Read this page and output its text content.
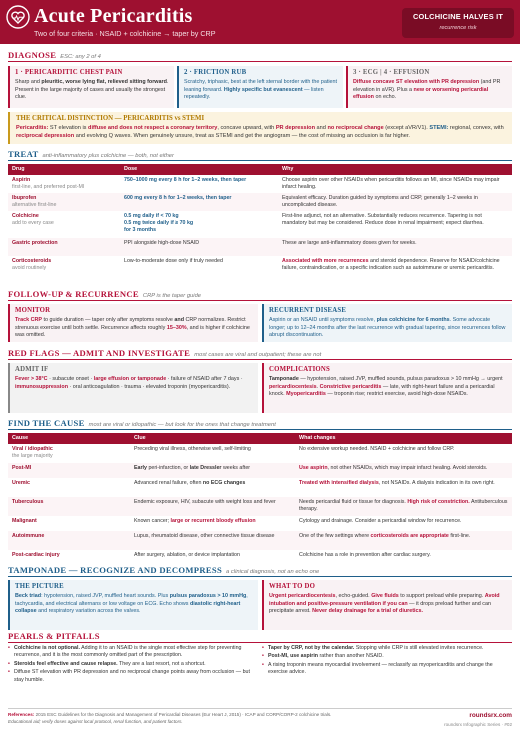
Acute Pericarditis
Two of four criteria · NSAID + colchicine → taper by CRP
COLCHICINE HALVES IT
recurrence risk
DIAGNOSE ESC: any 2 of 4
1 · PERICARDITIC CHEST PAIN
Sharp and pleuritic, worse lying flat, relieved sitting forward. Present in the large majority of cases and usually the strongest clue.
2 · FRICTION RUB
Scratchy, triphasic, best at the left sternal border with the patient leaning forward. Highly specific but evanescent — listen repeatedly.
3 · ECG | 4 · EFFUSION
Diffuse concave ST elevation with PR depression (and PR elevation in aVR). Plus a new or worsening pericardial effusion on echo.
THE CRITICAL DISTINCTION — PERICARDITIS vs STEMI
Pericarditis: ST elevation is diffuse and does not respect a coronary territory, concave upward, with PR depression and no reciprocal change (except aVR/V1). STEMI: regional, convex, with reciprocal depression and evolving Q waves. When genuinely unsure, treat as STEMI and get the angiogram — the cost of missing an occlusion is far higher.
TREAT anti-inflammatory plus colchicine — both, not either
Drug	Dose	Why

Aspirin
first-line, and preferred post-MI	750–1000 mg every 8 h for 1–2 weeks, then taper	Choose aspirin over other NSAIDs when pericarditis follows an MI, since NSAIDs may impair infarct healing.

Ibuprofen
alternative first-line	600 mg every 8 h for 1–2 weeks, then taper	Equivalent efficacy. Duration guided by symptoms and CRP, generally 1–2 weeks in uncomplicated disease.

Colchicine
add to every case	0.5 mg daily if < 70 kg
0.5 mg twice daily if ≥ 70 kg
for 3 months	First-line adjunct, not an alternative. Substantially reduces recurrence. Tapering is not mandatory but may be considered. Reduce dose in renal impairment; expect diarrhea.

Gastric protection	PPI alongside high-dose NSAID	These are large anti-inflammatory doses given for weeks.

Corticosteroids
avoid routinely	Low-to-moderate dose only if truly needed	Associated with more recurrences and steroid dependence. Reserve for NSAID/colchicine failure, contraindication, or a specific indication such as autoimmune or uremic pericarditis.
FOLLOW-UP & RECURRENCE CRP is the taper guide
MONITOR
Track CRP to guide duration — taper only after symptoms resolve and CRP normalizes. Restrict strenuous exercise until both settle. Recurrence affects roughly 15–30%, and is higher if colchicine was omitted.
RECURRENT DISEASE
Aspirin or an NSAID until symptoms resolve, plus colchicine for 6 months. Some advocate longer; up to 12–24 months after the last recurrence with gradual tapering, since recurrences follow abrupt discontinuation.
RED FLAGS — ADMIT AND INVESTIGATE most cases are viral and outpatient; these are not
ADMIT IF
Fever > 38°C · subacute onset · large effusion or tamponade · failure of NSAID after 7 days · immunosuppression · oral anticoagulation · trauma · elevated troponin (myopericarditis).
COMPLICATIONS
Tamponade — hypotension, raised JVP, muffled sounds, pulsus paradoxus > 10 mmHg → urgent pericardiocentesis. Constrictive pericarditis — late, with right-heart failure and a pericardial knock. Myopericarditis — troponin rise; restrict exercise, avoid high-dose NSAIDs.
FIND THE CAUSE most are viral or idiopathic — but look for the ones that change treatment
Cause	Clue	What changes

Viral / idiopathic
the large majority	Preceding viral illness, otherwise well, self-limiting	No extensive workup needed. NSAID + colchicine and follow CRP.

Post-MI	Early peri-infarction, or late Dressler weeks after	Use aspirin, not other NSAIDs, which may impair infarct healing. Avoid steroids.

Uremic	Advanced renal failure, often no ECG changes	Treated with intensified dialysis, not NSAIDs. A dialysis indication in its own right.

Tuberculous	Endemic exposure, HIV, subacute with weight loss and fever	Needs pericardial fluid or tissue for diagnosis. High risk of constriction. Antituberculous therapy.

Malignant	Known cancer; large or recurrent bloody effusion	Cytology and drainage. Consider a pericardial window for recurrence.

Autoimmune	Lupus, rheumatoid disease, other connective tissue disease	One of the few settings where corticosteroids are appropriate first-line.

Post-cardiac injury	After surgery, ablation, or device implantation	Colchicine has a role in prevention after cardiac surgery.
TAMPONADE — RECOGNIZE AND DECOMPRESS a clinical diagnosis, not an echo one
THE PICTURE
Beck triad: hypotension, raised JVP, muffled heart sounds. Plus pulsus paradoxus > 10 mmHg, tachycardia, and electrical alternans or low voltage on ECG. Echo shows diastolic right-heart collapse and respiratory variation across the valves.
WHAT TO DO
Urgent pericardiocentesis, echo-guided. Give fluids to support preload while preparing. Avoid intubation and positive-pressure ventilation if you can — it drops preload further and can precipitate arrest. Never delay drainage for a trial of diuretics.
PEARLS & PITFALLS
• Colchicine is not optional. Adding it to an NSAID is the single most effective step for preventing recurrence, and it is the most commonly omitted part of the prescription.
• Steroids feel effective and cause relapse. They are a last resort, not a shortcut.
• Diffuse ST elevation with PR depression and no reciprocal change points away from occlusion — but stay humble.
• Taper by CRP, not by the calendar. Stopping while CRP is still elevated invites recurrence.
• Post-MI, use aspirin rather than another NSAID.
• A rising troponin means myocardial involvement — reclassify as myopericarditis and change the exercise advice.
References: 2015 ESC Guidelines for the Diagnosis and Management of Pericardial Diseases (Eur Heart J, 2015) · ICAP and CORP/CORP-2 colchicine trials.
Educational aid; verify doses against local protocol, renal function, and patient factors.
roundsrx.com
roundsrx Infographic Series · #02
